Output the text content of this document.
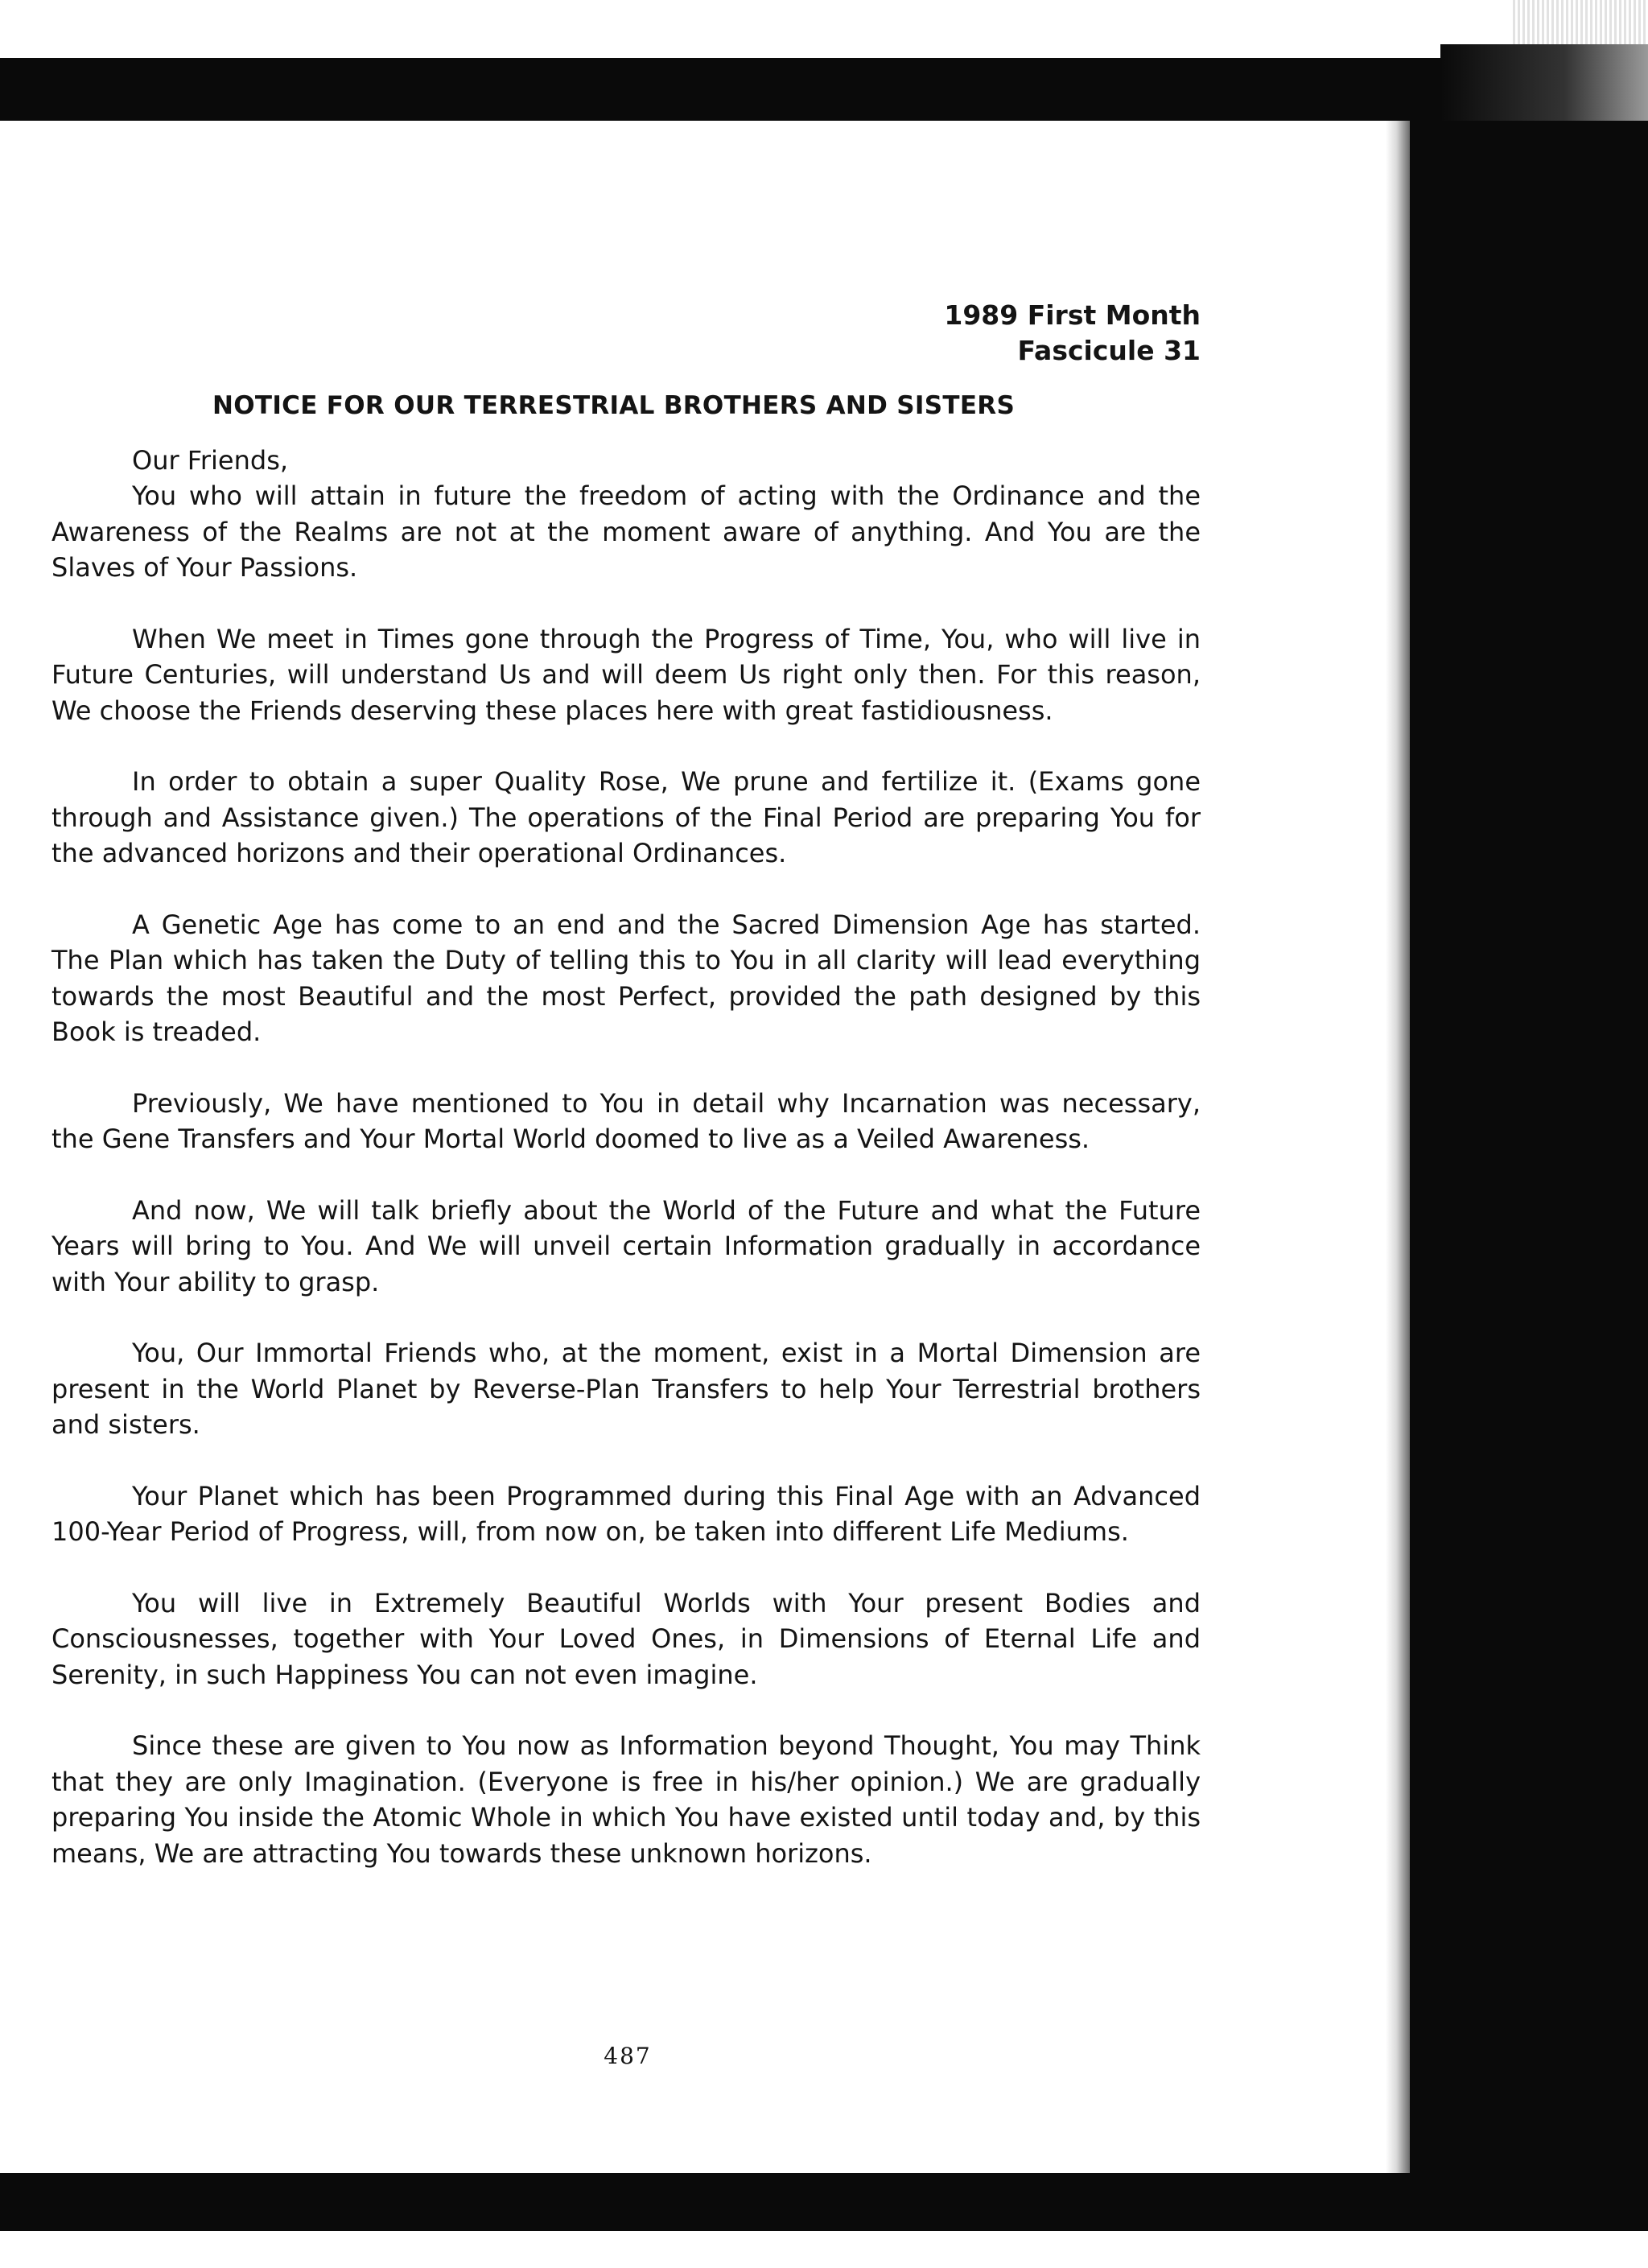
1989 First Month
Fascicule 31
NOTICE FOR OUR TERRESTRIAL BROTHERS AND SISTERS
Our Friends,

You who will attain in future the freedom of acting with the Ordinance and the Awareness of the Realms are not at the moment aware of anything. And You are the Slaves of Your Passions.

When We meet in Times gone through the Progress of Time, You, who will live in Future Centuries, will understand Us and will deem Us right only then. For this reason, We choose the Friends deserving these places here with great fastidiousness.

In order to obtain a super Quality Rose, We prune and fertilize it. (Exams gone through and Assistance given.) The operations of the Final Period are preparing You for the advanced horizons and their operational Ordinances.

A Genetic Age has come to an end and the Sacred Dimension Age has started. The Plan which has taken the Duty of telling this to You in all clarity will lead everything towards the most Beautiful and the most Perfect, provided the path designed by this Book is treaded.

Previously, We have mentioned to You in detail why Incarnation was necessary, the Gene Transfers and Your Mortal World doomed to live as a Veiled Awareness.

And now, We will talk briefly about the World of the Future and what the Future Years will bring to You. And We will unveil certain Information gradually in accordance with Your ability to grasp.

You, Our Immortal Friends who, at the moment, exist in a Mortal Dimension are present in the World Planet by Reverse-Plan Transfers to help Your Terrestrial brothers and sisters.

Your Planet which has been Programmed during this Final Age with an Advanced 100-Year Period of Progress, will, from now on, be taken into different Life Mediums.

You will live in Extremely Beautiful Worlds with Your present Bodies and Consciousnesses, together with Your Loved Ones, in Dimensions of Eternal Life and Serenity, in such Happiness You can not even imagine.

Since these are given to You now as Information beyond Thought, You may Think that they are only Imagination. (Everyone is free in his/her opinion.) We are gradually preparing You inside the Atomic Whole in which You have existed until today and, by this means, We are attracting You towards these unknown horizons.

487
